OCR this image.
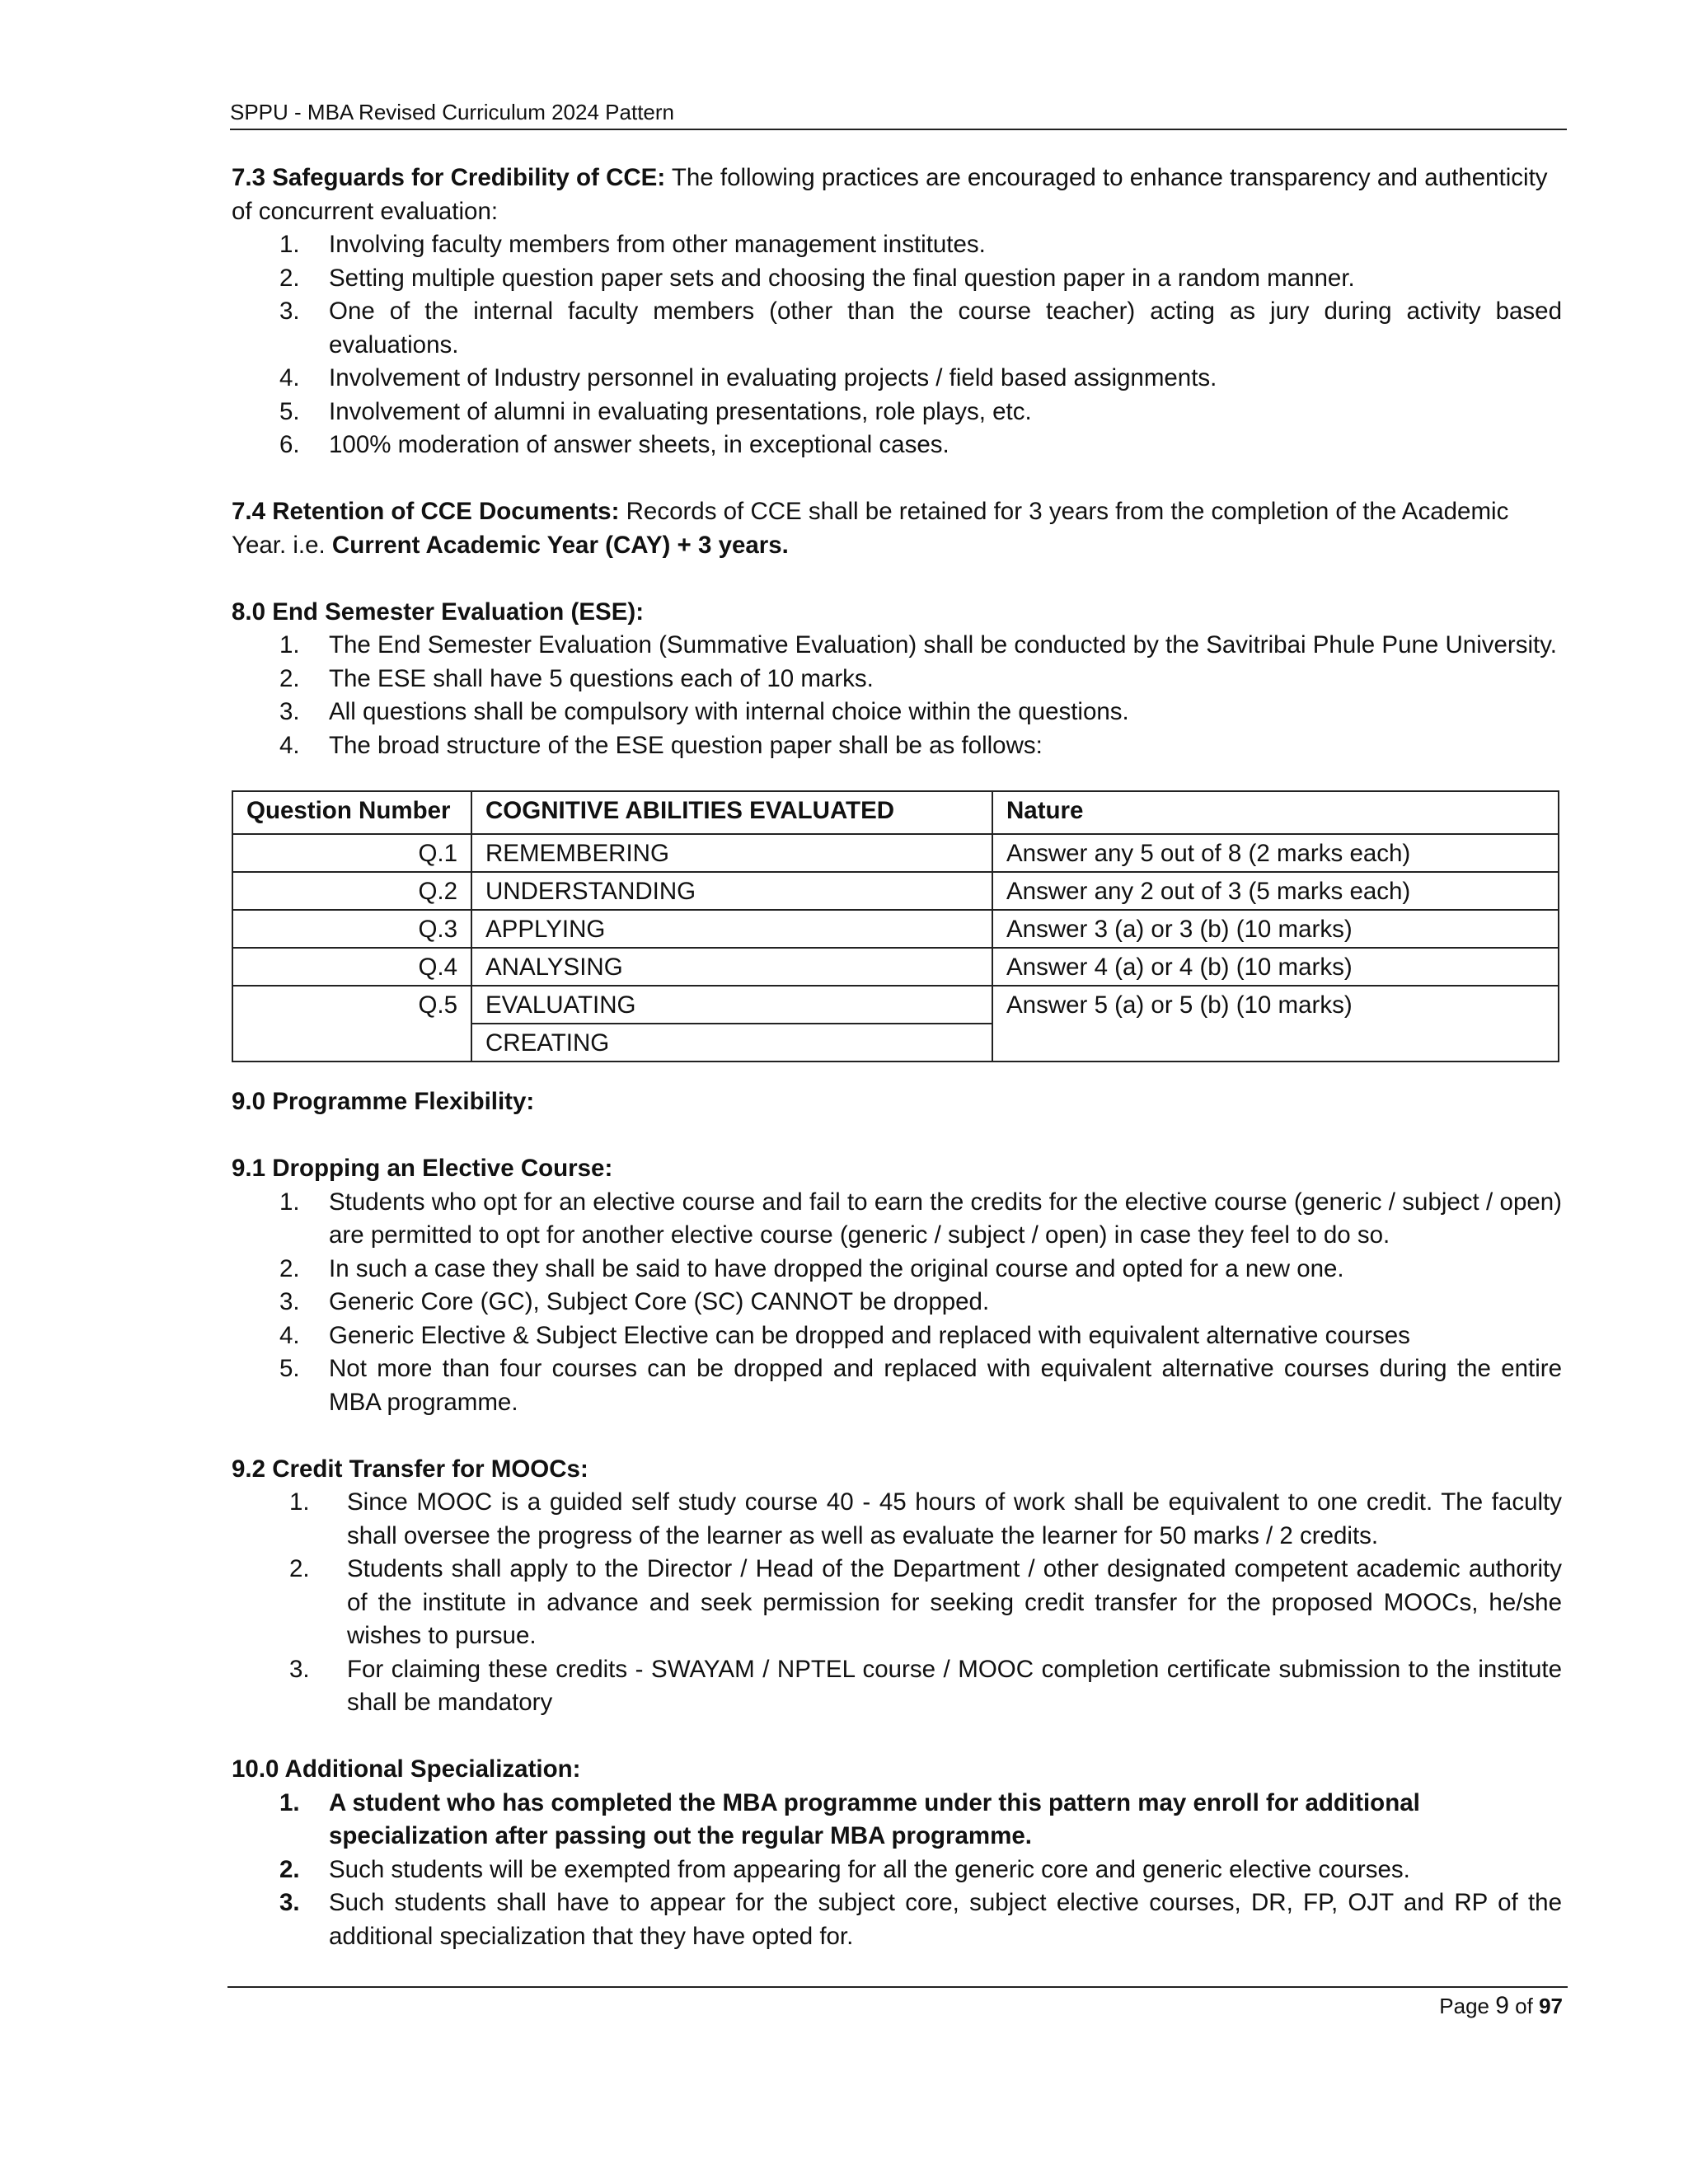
SPPU - MBA Revised Curriculum 2024 Pattern

7.3 Safeguards for Credibility of CCE: The following practices are encouraged to enhance transparency and authenticity of concurrent evaluation:

1. Involving faculty members from other management institutes.
2. Setting multiple question paper sets and choosing the final question paper in a random manner.
3. One of the internal faculty members (other than the course teacher) acting as jury during activity based evaluations.
4. Involvement of Industry personnel in evaluating projects / field based assignments.
5. Involvement of alumni in evaluating presentations, role plays, etc.
6. 100% moderation of answer sheets, in exceptional cases.

7.4 Retention of CCE Documents: Records of CCE shall be retained for 3 years from the completion of the Academic Year. i.e. Current Academic Year (CAY) + 3 years.

8.0 End Semester Evaluation (ESE):

1. The End Semester Evaluation (Summative Evaluation) shall be conducted by the Savitribai Phule Pune University.
2. The ESE shall have 5 questions each of 10 marks.
3. All questions shall be compulsory with internal choice within the questions.
4. The broad structure of the ESE question paper shall be as follows:
Question Number	COGNITIVE ABILITIES EVALUATED	Nature
Q.1	REMEMBERING	Answer any 5 out of 8 (2 marks each)
Q.2	UNDERSTANDING	Answer any 2 out of 3 (5 marks each)
Q.3	APPLYING	Answer 3 (a) or 3 (b) (10 marks)
Q.4	ANALYSING	Answer 4 (a) or 4 (b) (10 marks)
Q.5	EVALUATING	Answer 5 (a) or 5 (b) (10 marks)
	CREATING	

9.0 Programme Flexibility:

9.1 Dropping an Elective Course:

1. Students who opt for an elective course and fail to earn the credits for the elective course (generic / subject / open) are permitted to opt for another elective course (generic / subject / open) in case they feel to do so.
2. In such a case they shall be said to have dropped the original course and opted for a new one.
3. Generic Core (GC), Subject Core (SC) CANNOT be dropped.
4. Generic Elective & Subject Elective can be dropped and replaced with equivalent alternative courses
5. Not more than four courses can be dropped and replaced with equivalent alternative courses during the entire MBA programme.

9.2 Credit Transfer for MOOCs:

1. Since MOOC is a guided self study course 40 - 45 hours of work shall be equivalent to one credit. The faculty shall oversee the progress of the learner as well as evaluate the learner for 50 marks / 2 credits.
2. Students shall apply to the Director / Head of the Department / other designated competent academic authority of the institute in advance and seek permission for seeking credit transfer for the proposed MOOCs, he/she wishes to pursue.
3. For claiming these credits - SWAYAM / NPTEL course / MOOC completion certificate submission to the institute shall be mandatory

10.0 Additional Specialization:

1. A student who has completed the MBA programme under this pattern may enroll for additional
specialization after passing out the regular MBA programme.
2. Such students will be exempted from appearing for all the generic core and generic elective courses.
3. Such students shall have to appear for the subject core, subject elective courses, DR, FP, OJT and RP of the additional specialization that they have opted for.
Page 9 of 97
